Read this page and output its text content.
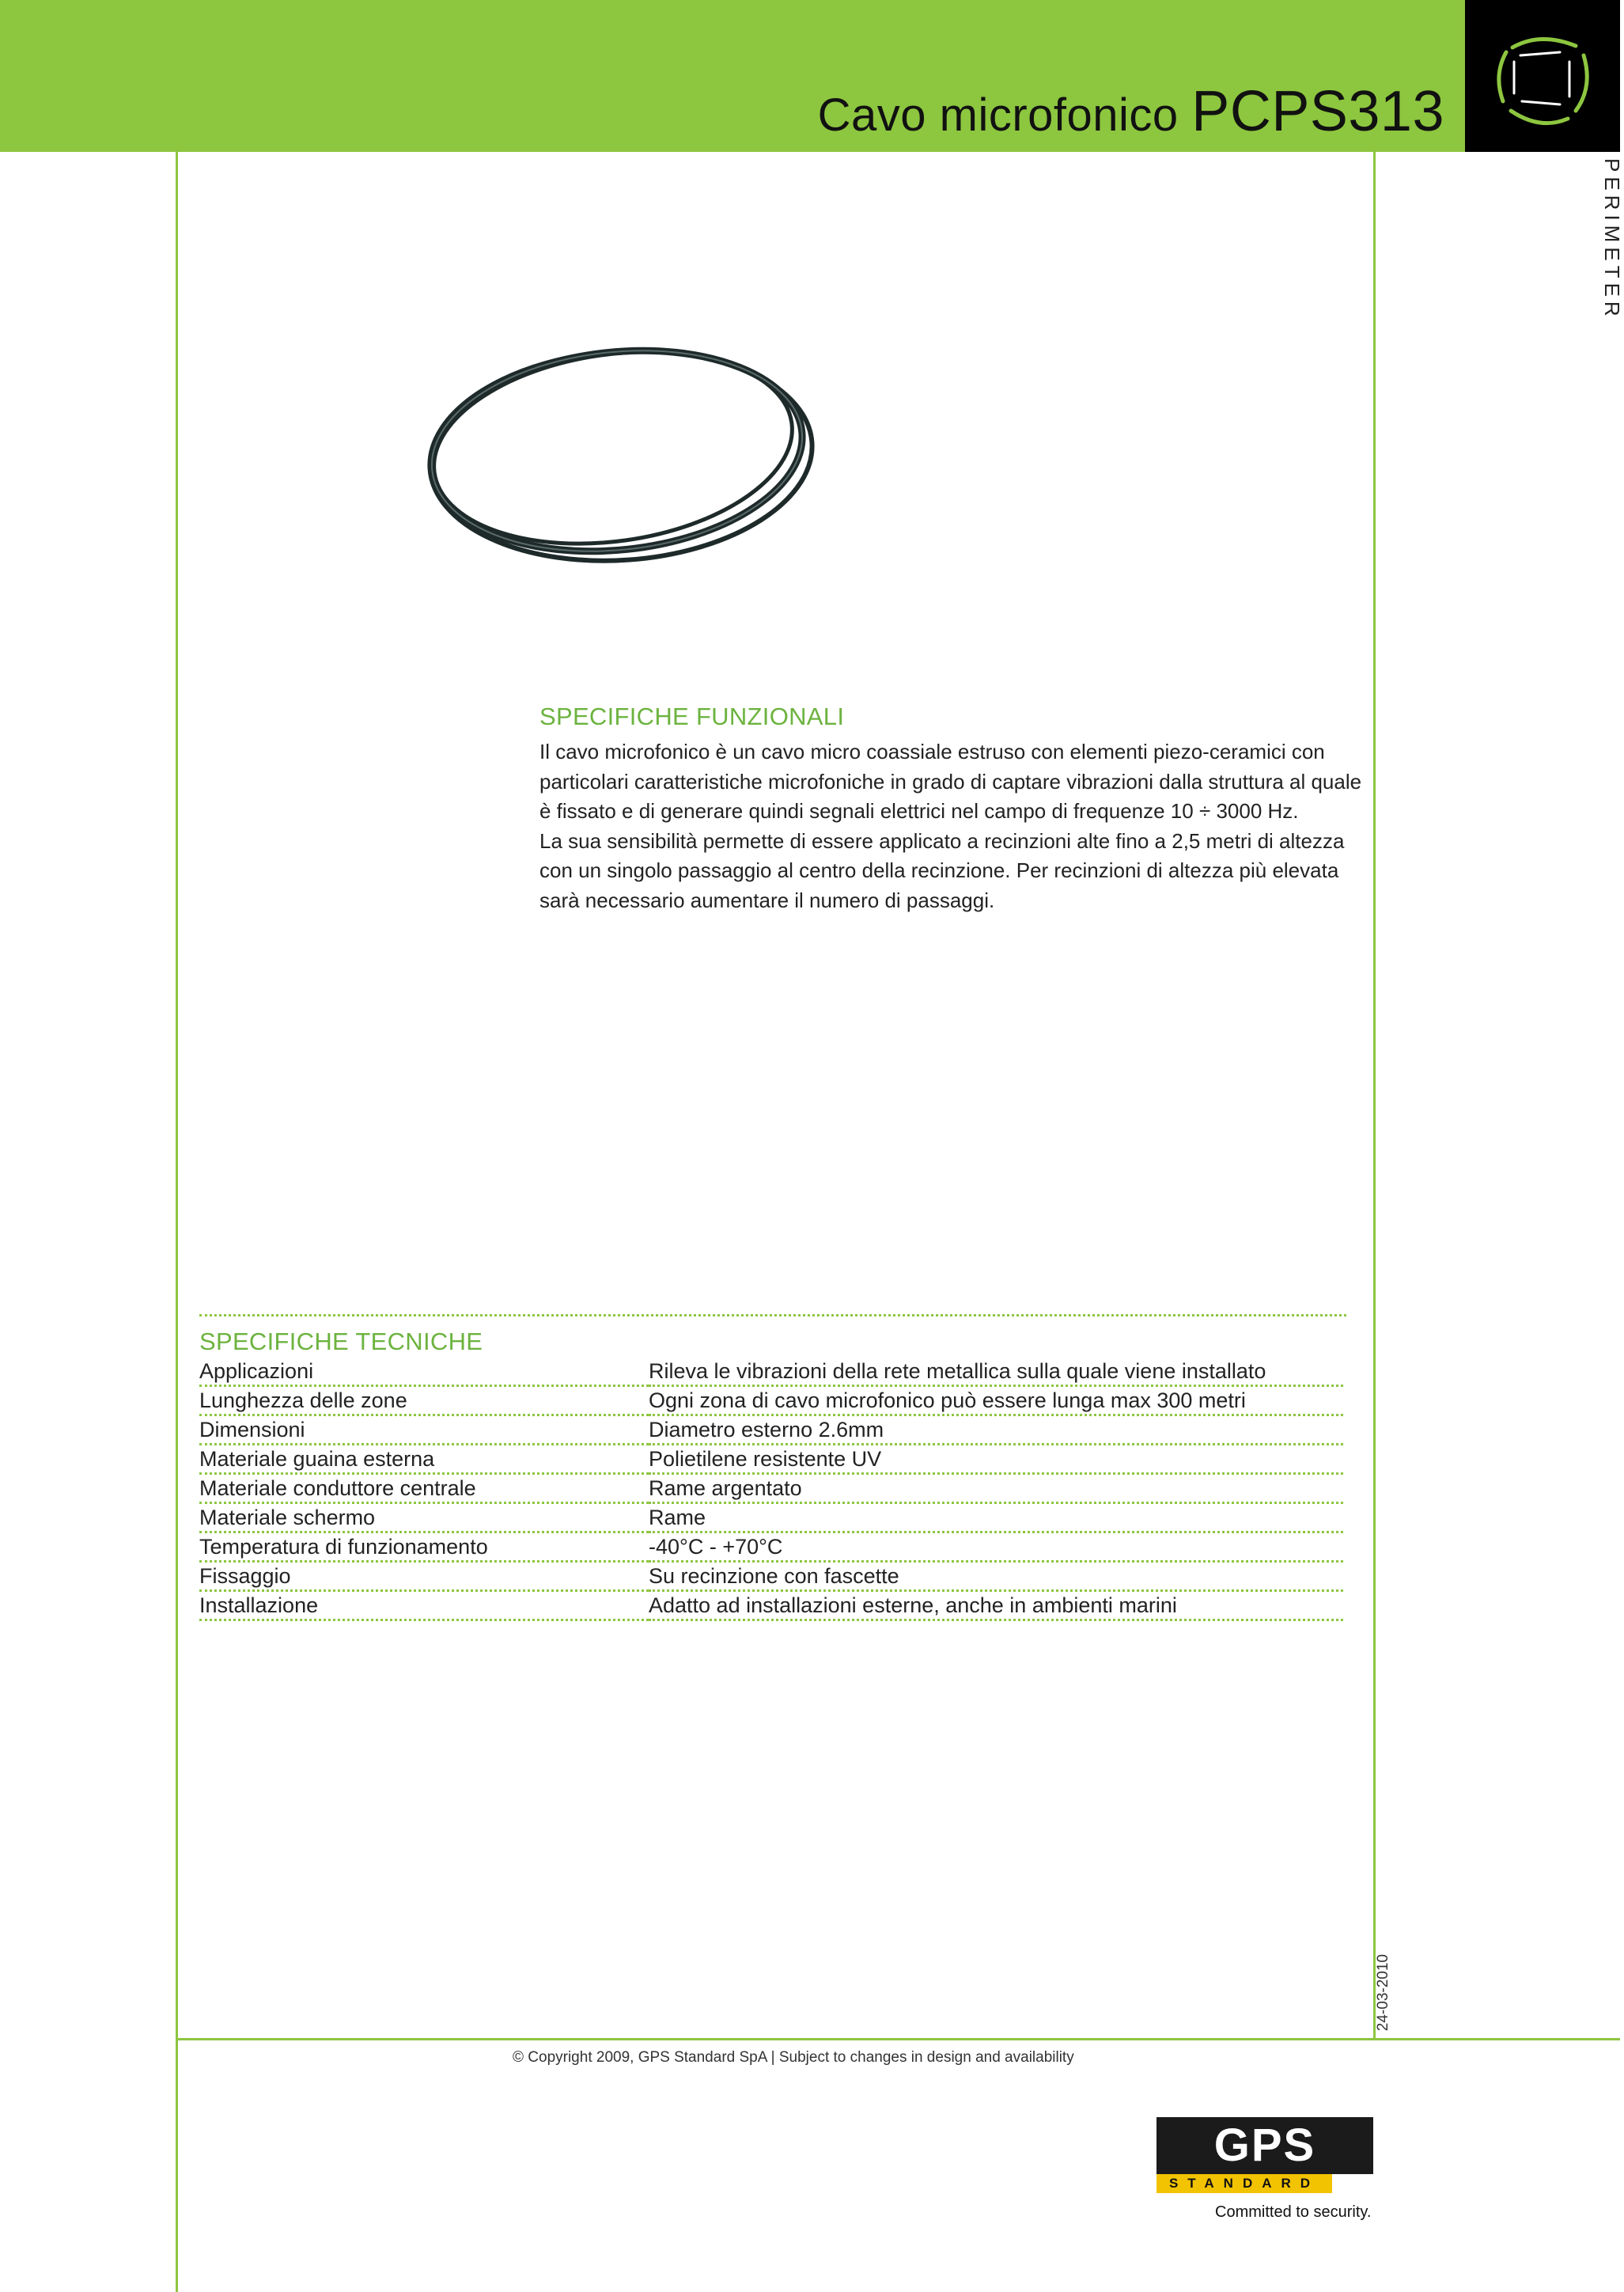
Cavo microfonico PCPS313
PERIMETER
SPECIFICHE FUNZIONALI

Il cavo microfonico è un cavo micro coassiale estruso con elementi piezo-ceramici con particolari caratteristiche microfoniche in grado di captare vibrazioni dalla struttura al quale è fissato e di generare quindi segnali elettrici nel campo di frequenze 10 ÷ 3000 Hz.

La sua sensibilità permette di essere applicato a recinzioni alte fino a 2,5 metri di altezza con un singolo passaggio al centro della recinzione. Per recinzioni di altezza più elevata sarà necessario aumentare il numero di passaggi.

SPECIFICHE TECNICHE
Applicazioni	Rileva le vibrazioni della rete metallica sulla quale viene installato
Lunghezza delle zone	Ogni zona di cavo microfonico può essere lunga max 300 metri
Dimensioni	Diametro esterno 2.6mm
Materiale guaina esterna	Polietilene resistente UV
Materiale conduttore centrale	Rame argentato
Materiale schermo	Rame
Temperatura di funzionamento	-40°C - +70°C
Fissaggio	Su recinzione con fascette
Installazione	Adatto ad installazioni esterne, anche in ambienti marini
24-03-2010
© Copyright 2009, GPS Standard SpA | Subject to changes in design and availability
GPS
STANDARD
Committed to security.
